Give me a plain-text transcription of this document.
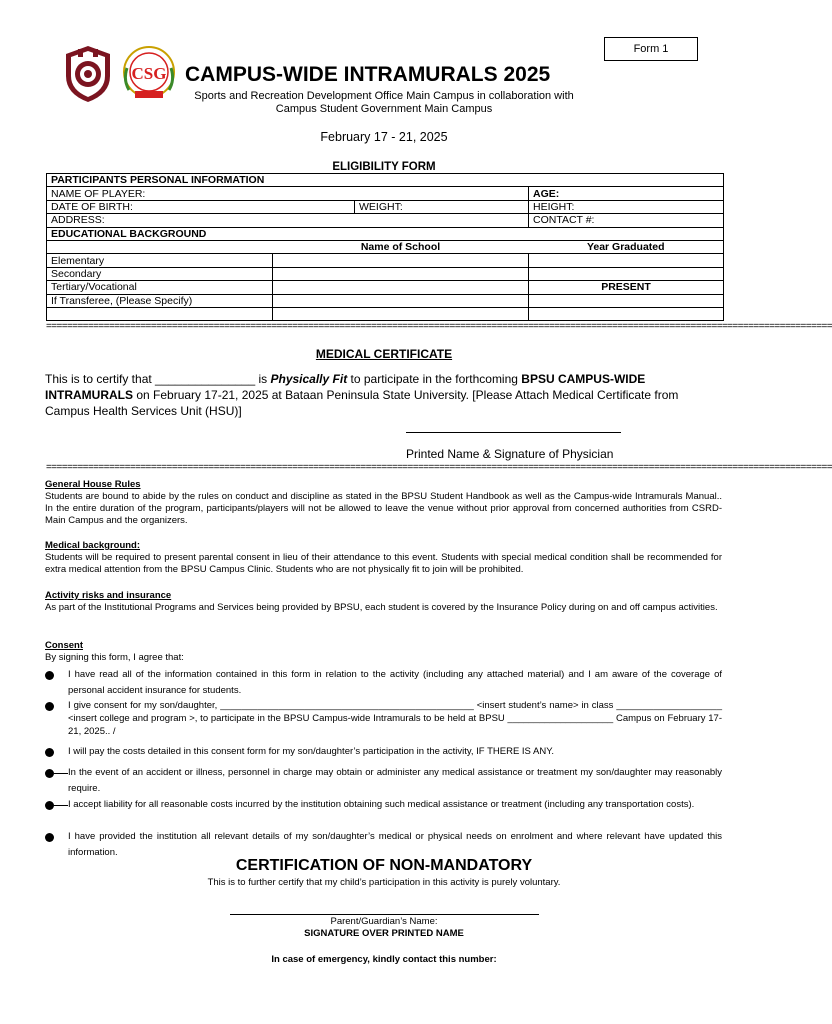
Form 1
CSG CAMPUS-WIDE INTRAMURALS 2025
Sports and Recreation Development Office Main Campus in collaboration with
Campus Student Government Main Campus
February 17 - 21, 2025
ELIGIBILITY FORM
PARTICIPANTS PERSONAL INFORMATION			
NAME OF PLAYER:			AGE:
DATE OF BIRTH:		WEIGHT:	HEIGHT:
ADDRESS:			CONTACT #:
EDUCATIONAL BACKGROUND			
	Name of School		Year Graduated
Elementary			
Secondary			
Tertiary/Vocational			PRESENT
If Transferee, (Please Specify)			

======================================================================================================================================================
MEDICAL CERTIFICATE
This is to certify that _______________ is Physically Fit to participate in the forthcoming BPSU CAMPUS-WIDE INTRAMURALS on February 17-21, 2025 at Bataan Peninsula State University. [Please Attach Medical Certificate from Campus Health Services Unit (HSU)]
Printed Name & Signature of Physician
======================================================================================================================================================
General House Rules
Students are bound to abide by the rules on conduct and discipline as stated in the BPSU Student Handbook as well as the Campus-wide Intramurals Manual.. In the entire duration of the program, participants/players will not be allowed to leave the venue without prior approval from concerned authorities from CSRD-Main Campus and the organizers.
Medical background:
Students will be required to present parental consent in lieu of their attendance to this event. Students with special medical condition shall be recommended for extra medical attention from the BPSU Campus Clinic. Students who are not physically fit to join will be prohibited.
Activity risks and insurance
As part of the Institutional Programs and Services being provided by BPSU, each student is covered by the Insurance Policy during on and off campus activities.
Consent
By signing this form, I agree that:
I have read all of the information contained in this form in relation to the activity (including any attached material) and I am aware of the coverage of personal accident insurance for students.
I give consent for my son/daughter, ________________________________________________ <insert student’s name> in class ____________________ <insert college and program >, to participate in the BPSU Campus-wide Intramurals to be held at BPSU ____________________ Campus on February 17-21, 2025.. /
I will pay the costs detailed in this consent form for my son/daughter’s participation in the activity, IF THERE IS ANY.
In the event of an accident or illness, personnel in charge may obtain or administer any medical assistance or treatment my son/daughter may reasonably require.
I accept liability for all reasonable costs incurred by the institution obtaining such medical assistance or treatment (including any transportation costs).
I have provided the institution all relevant details of my son/daughter’s medical or physical needs on enrolment and where relevant have updated this information.
CERTIFICATION OF NON-MANDATORY
This is to further certify that my child’s participation in this activity is purely voluntary.
Parent/Guardian’s Name:
SIGNATURE OVER PRINTED NAME
In case of emergency, kindly contact this number:
